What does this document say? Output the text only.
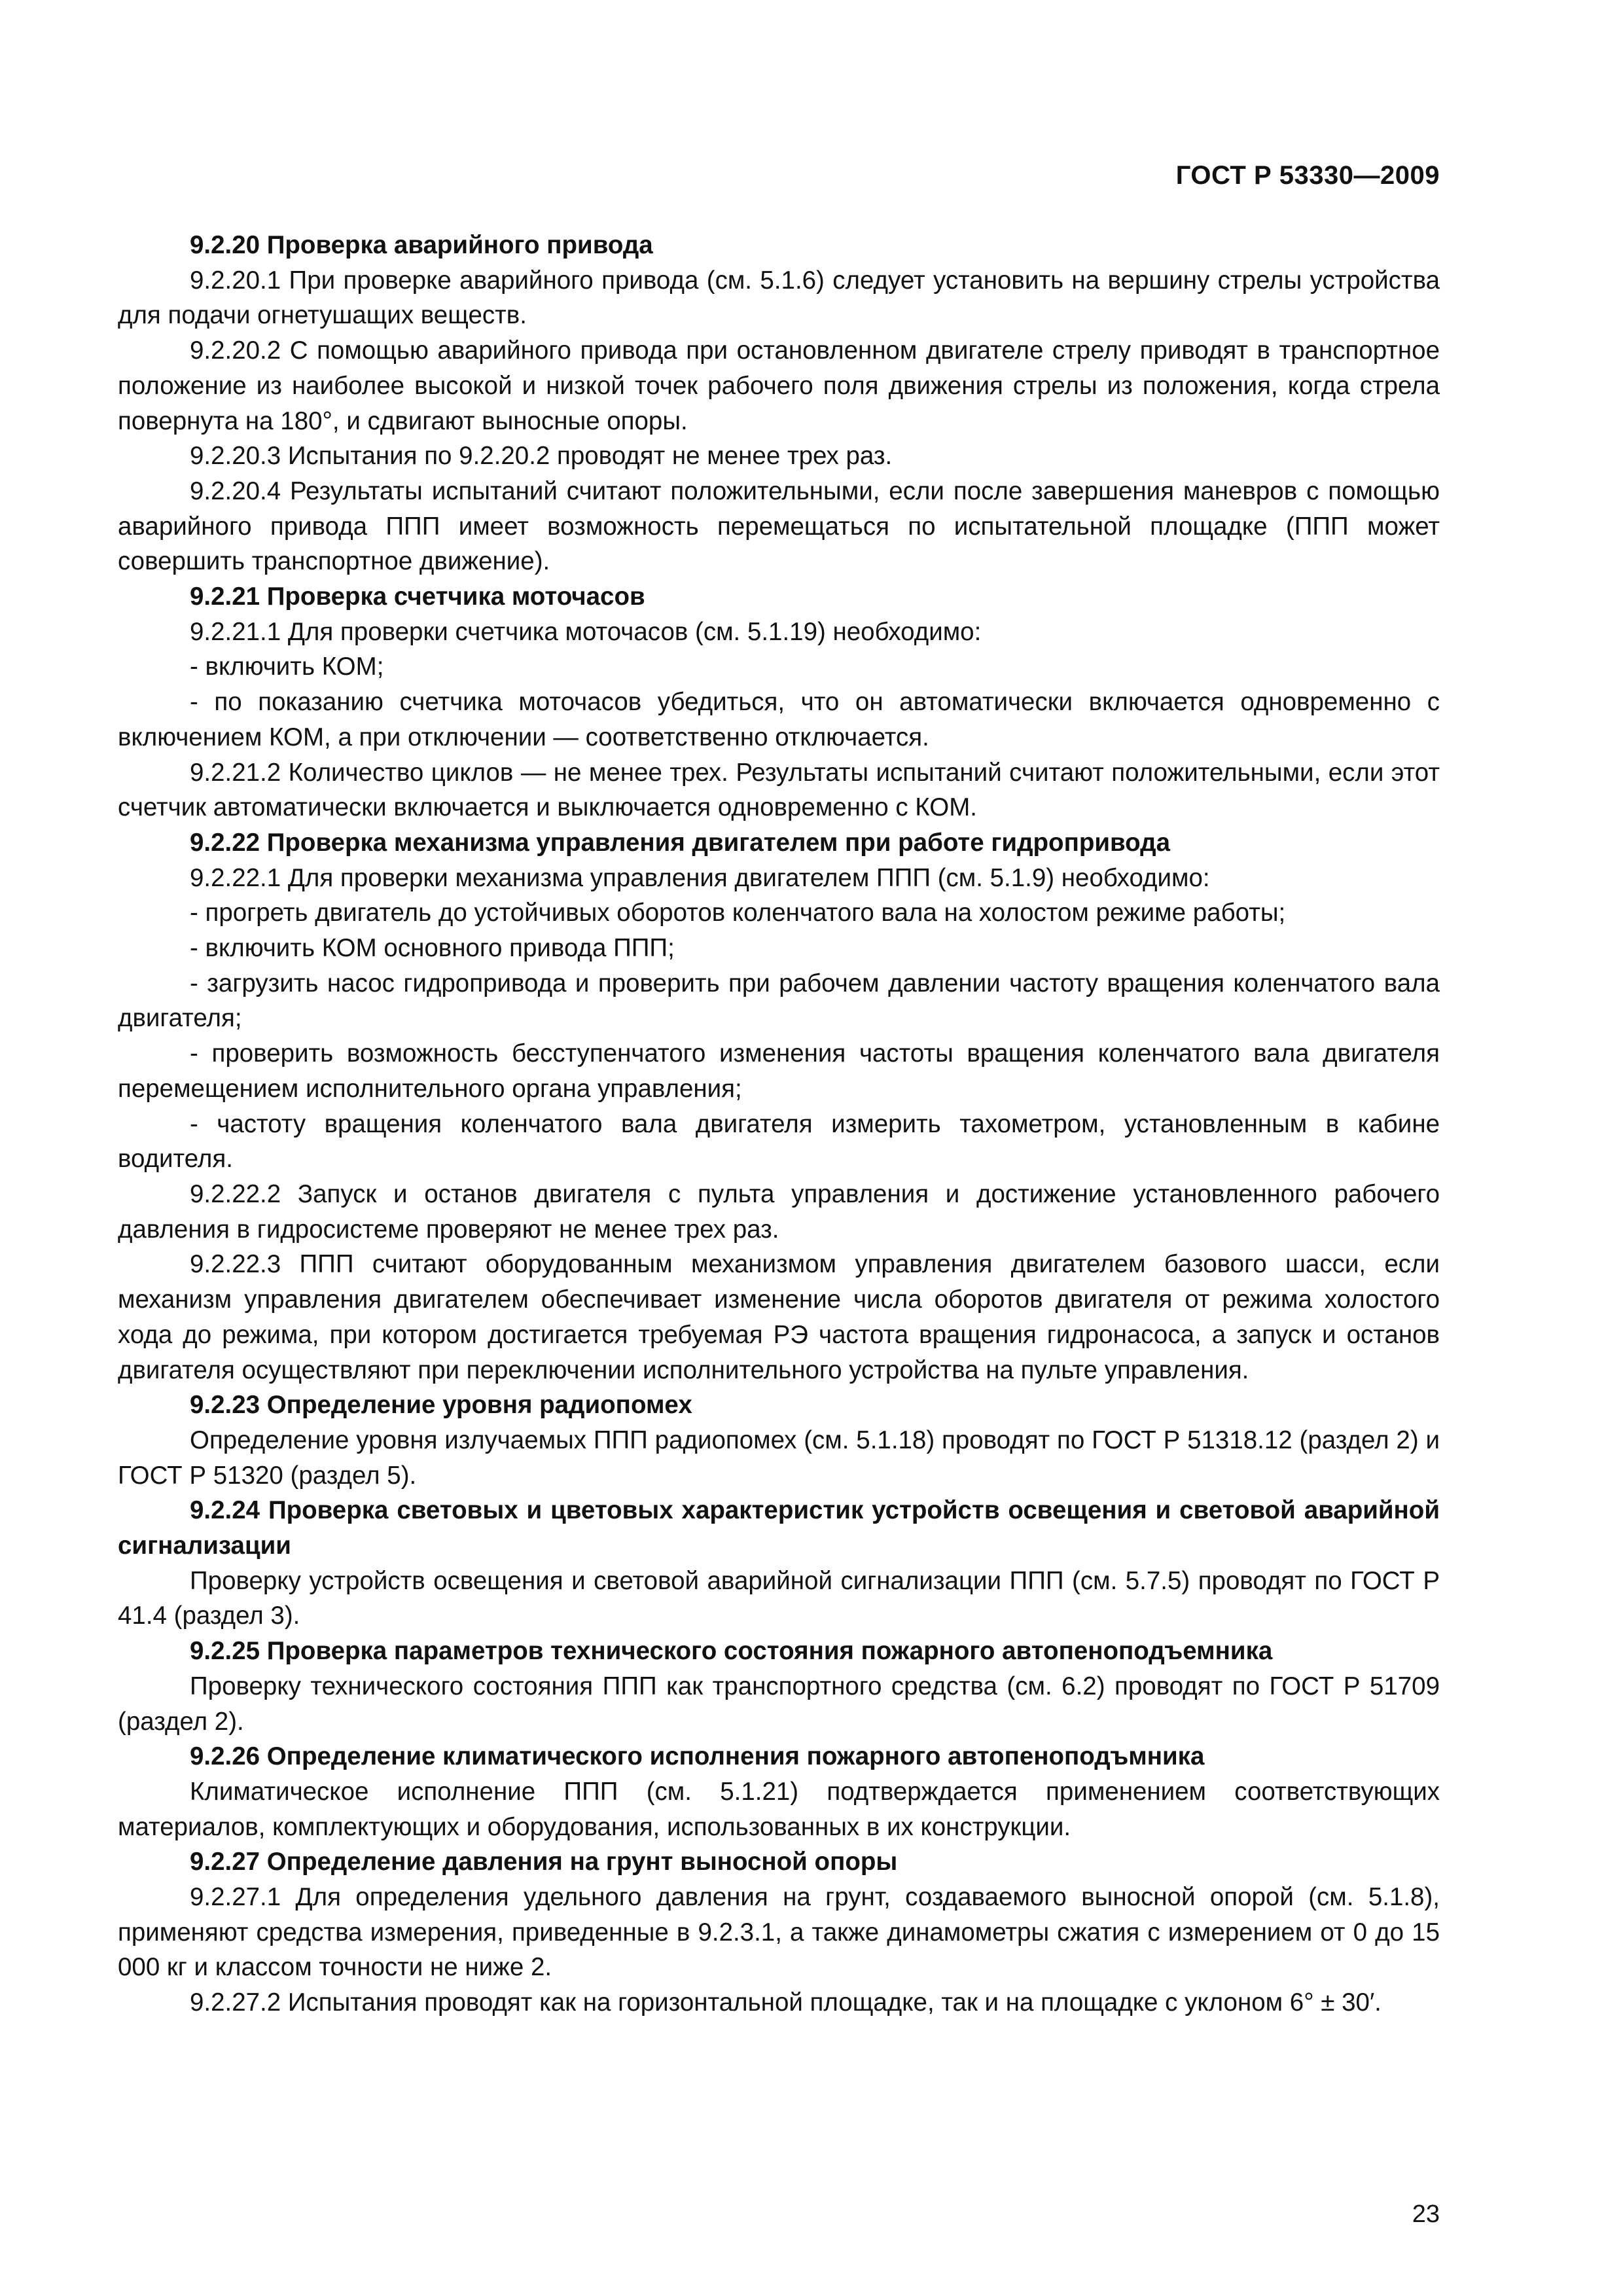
ГОСТ Р 53330—2009

9.2.20 Проверка аварийного привода

9.2.20.1 При проверке аварийного привода (см. 5.1.6) следует установить на вершину стрелы устройства для подачи огнетушащих веществ.

9.2.20.2 С помощью аварийного привода при остановленном двигателе стрелу приводят в транспортное положение из наиболее высокой и низкой точек рабочего поля движения стрелы из положения, когда стрела повернута на 180°, и сдвигают выносные опоры.

9.2.20.3 Испытания по 9.2.20.2 проводят не менее трех раз.

9.2.20.4 Результаты испытаний считают положительными, если после завершения маневров с помощью аварийного привода ППП имеет возможность перемещаться по испытательной площадке (ППП может совершить транспортное движение).

9.2.21 Проверка счетчика моточасов

9.2.21.1 Для проверки счетчика моточасов (см. 5.1.19) необходимо:

- включить КОМ;

- по показанию счетчика моточасов убедиться, что он автоматически включается одновременно с включением КОМ, а при отключении — соответственно отключается.

9.2.21.2 Количество циклов — не менее трех. Результаты испытаний считают положительными, если этот счетчик автоматически включается и выключается одновременно с КОМ.

9.2.22 Проверка механизма управления двигателем при работе гидропривода

9.2.22.1 Для проверки механизма управления двигателем ППП (см. 5.1.9) необходимо:

- прогреть двигатель до устойчивых оборотов коленчатого вала на холостом режиме работы;

- включить КОМ основного привода ППП;

- загрузить насос гидропривода и проверить при рабочем давлении частоту вращения коленчатого вала двигателя;

- проверить возможность бесступенчатого изменения частоты вращения коленчатого вала двигателя перемещением исполнительного органа управления;

- частоту вращения коленчатого вала двигателя измерить тахометром, установленным в кабине водителя.

9.2.22.2 Запуск и останов двигателя с пульта управления и достижение установленного рабочего давления в гидросистеме проверяют не менее трех раз.

9.2.22.3 ППП считают оборудованным механизмом управления двигателем базового шасси, если механизм управления двигателем обеспечивает изменение числа оборотов двигателя от режима холостого хода до режима, при котором достигается требуемая РЭ частота вращения гидронасоса, а запуск и останов двигателя осуществляют при переключении исполнительного устройства на пульте управления.

9.2.23 Определение уровня радиопомех

Определение уровня излучаемых ППП радиопомех (см. 5.1.18) проводят по ГОСТ Р 51318.12 (раздел 2) и ГОСТ Р 51320 (раздел 5).

9.2.24 Проверка световых и цветовых характеристик устройств освещения и световой аварийной сигнализации

Проверку устройств освещения и световой аварийной сигнализации ППП (см. 5.7.5) проводят по ГОСТ Р 41.4 (раздел 3).

9.2.25 Проверка параметров технического состояния пожарного автопеноподъемника

Проверку технического состояния ППП как транспортного средства (см. 6.2) проводят по ГОСТ Р 51709 (раздел 2).

9.2.26 Определение климатического исполнения пожарного автопеноподъмника

Климатическое исполнение ППП (см. 5.1.21) подтверждается применением соответствующих материалов, комплектующих и оборудования, использованных в их конструкции.

9.2.27 Определение давления на грунт выносной опоры

9.2.27.1 Для определения удельного давления на грунт, создаваемого выносной опорой (см. 5.1.8), применяют средства измерения, приведенные в 9.2.3.1, а также динамометры сжатия с измерением от 0 до 15 000 кг и классом точности не ниже 2.

9.2.27.2 Испытания проводят как на горизонтальной площадке, так и на площадке с уклоном 6° ± 30′.

23
